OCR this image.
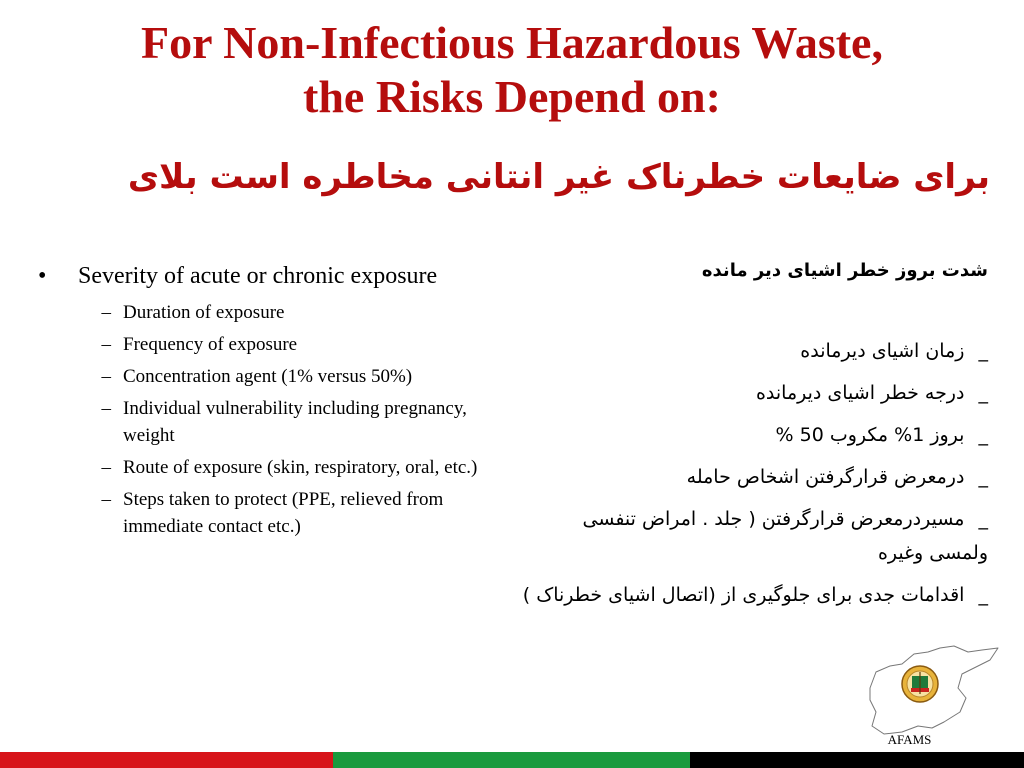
For Non-Infectious Hazardous Waste,
the Risks Depend on:
برای ضایعات خطرناک غیر انتانی مخاطره است بلای
•	Severity of acute or chronic exposure
– Duration of exposure
– Frequency of exposure
– Concentration agent (1% versus 50%)
– Individual vulnerability including pregnancy, weight
– Route of exposure (skin, respiratory, oral, etc.)
– Steps taken to protect (PPE, relieved from immediate contact etc.)

شدت بروز خطر اشیای دیر مانده

_ زمان اشیای دیرمانده
_ درجه خطر اشیای دیرمانده
_ بروز 1% مکروب 50 %
_ درمعرض قرارگرفتن اشخاص حامله
_ مسیردرمعرض قرارگرفتن ( جلد . امراض تنفسی ولمسی وغیره
_ اقدامات جدی برای جلوگیری از (اتصال اشیای خطرناک )
AFAMS
